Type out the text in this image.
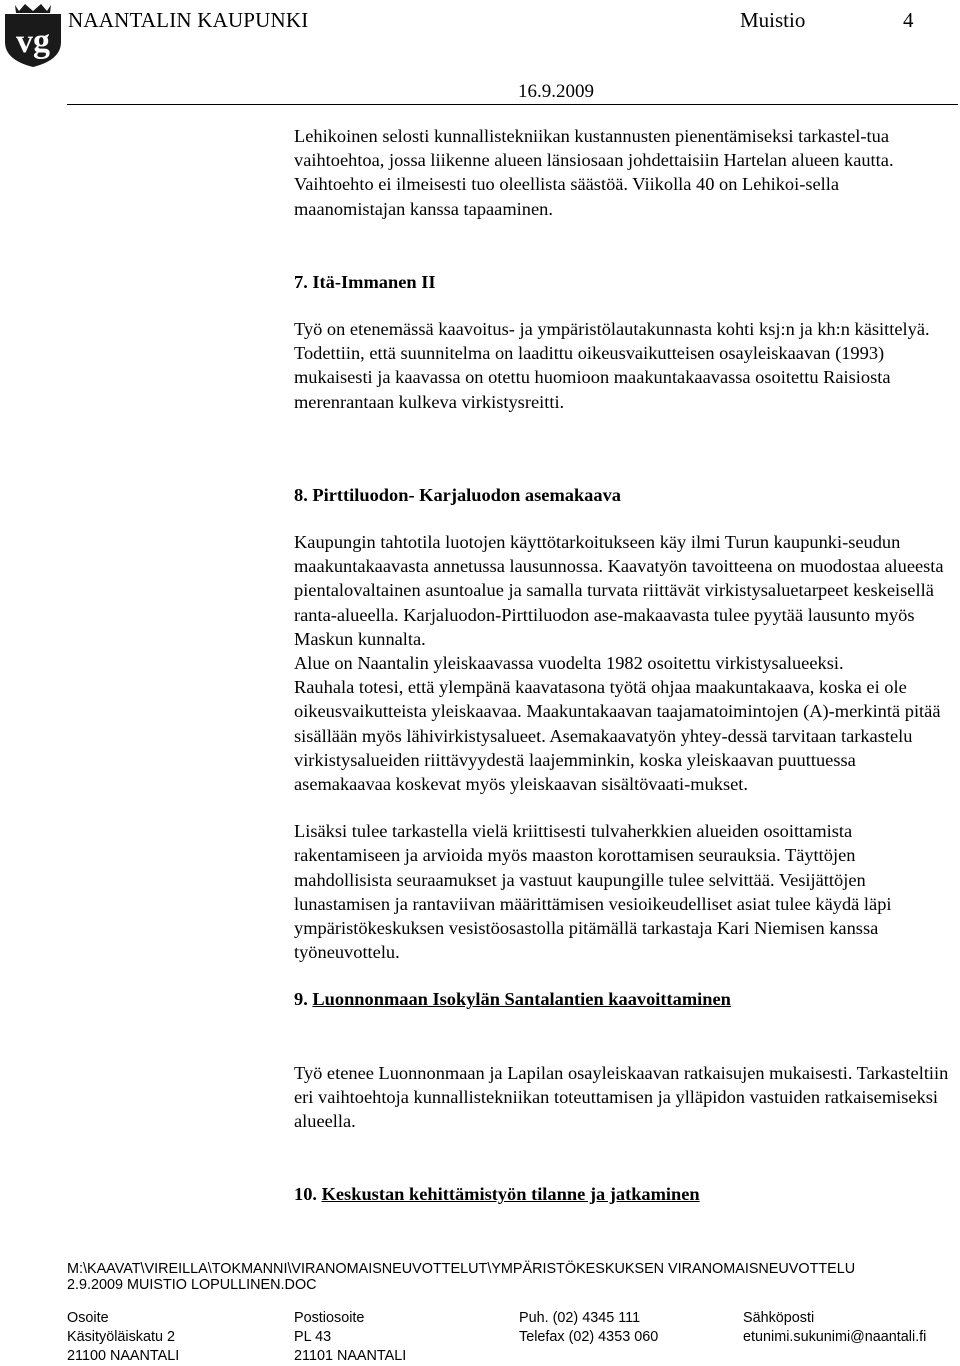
vg
NAANTALIN KAUPUNKI	Muistio	4
16.9.2009

Lehikoinen selosti kunnallistekniikan kustannusten pienentämiseksi tarkastel-tua vaihtoehtoa, jossa liikenne alueen länsiosaan johdettaisiin Hartelan alueen kautta. Vaihtoehto ei ilmeisesti tuo oleellista säästöä. Viikolla 40 on Lehikoi-sella maanomistajan kanssa tapaaminen.

7. Itä-Immanen II

Työ on etenemässä kaavoitus- ja ympäristölautakunnasta kohti ksj:n ja kh:n käsittelyä.

Todettiin, että suunnitelma on laadittu oikeusvaikutteisen osayleiskaavan (1993) mukaisesti ja kaavassa on otettu huomioon maakuntakaavassa osoitettu Raisiosta merenrantaan kulkeva virkistysreitti.

8. Pirttiluodon- Karjaluodon asemakaava

Kaupungin tahtotila luotojen käyttötarkoitukseen käy ilmi Turun kaupunki-seudun maakuntakaavasta annetussa lausunnossa. Kaavatyön tavoitteena on muodostaa alueesta pientalovaltainen asuntoalue ja samalla turvata riittävät virkistysaluetarpeet keskeisellä ranta-alueella. Karjaluodon-Pirttiluodon ase-makaavasta tulee pyytää lausunto myös Maskun kunnalta.

Alue on Naantalin yleiskaavassa vuodelta 1982 osoitettu virkistysalueeksi.

Rauhala totesi, että ylempänä kaavatasona työtä ohjaa maakuntakaava, koska ei ole oikeusvaikutteista yleiskaavaa. Maakuntakaavan taajamatoimintojen (A)-merkintä pitää sisällään myös lähivirkistysalueet. Asemakaavatyön yhtey-dessä tarvitaan tarkastelu virkistysalueiden riittävyydestä laajemminkin, koska yleiskaavan puuttuessa asemakaavaa koskevat myös yleiskaavan sisältövaati-mukset.

Lisäksi tulee tarkastella vielä kriittisesti tulvaherkkien alueiden osoittamista rakentamiseen ja arvioida myös maaston korottamisen seurauksia. Täyttöjen mahdollisista seuraamukset ja vastuut kaupungille tulee selvittää. Vesijättöjen lunastamisen ja rantaviivan määrittämisen vesioikeudelliset asiat tulee käydä läpi ympäristökeskuksen vesistöosastolla pitämällä tarkastaja Kari Niemisen kanssa työneuvottelu.

9. Luonnonmaan Isokylän Santalantien kaavoittaminen

Työ etenee Luonnonmaan ja Lapilan osayleiskaavan ratkaisujen mukaisesti. Tarkasteltiin eri vaihtoehtoja kunnallistekniikan toteuttamisen ja ylläpidon vastuiden ratkaisemiseksi alueella.

10. Keskustan kehittämistyön tilanne ja jatkaminen

M:\KAAVAT\VIREILLA\TOKMANNI\VIRANOMAISNEUVOTTELUT\YMPÄRISTÖKESKUKSEN VIRANOMAISNEUVOTTELU

2.9.2009 MUISTIO LOPULLINEN.DOC

Osoite
Käsityöläiskatu 2
21100 NAANTALI
Postiosoite
PL 43
21101 NAANTALI
Puh. (02) 4345 111
Telefax (02) 4353 060
Sähköposti
etunimi.sukunimi@naantali.fi
